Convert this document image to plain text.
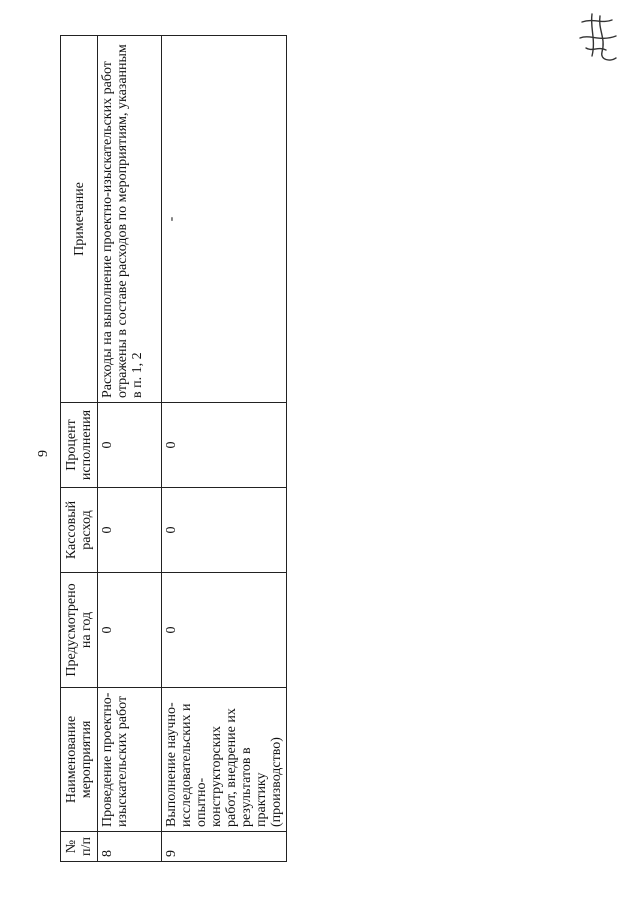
9
№ п/п	Наименование мероприятия	Предусмотрено на год	Кассовый расход	Процент исполнения	Примечание
8	Проведение проектно-изыскательских работ	0	0	0	Расходы на выполнение проектно-изыскательских работ отражены в составе расходов по мероприятиям, указанным в п. 1, 2
9	Выполнение научно-исследовательских и опытно-конструкторских работ, внедрение их результатов в практику (производство)	0	0	0	-
